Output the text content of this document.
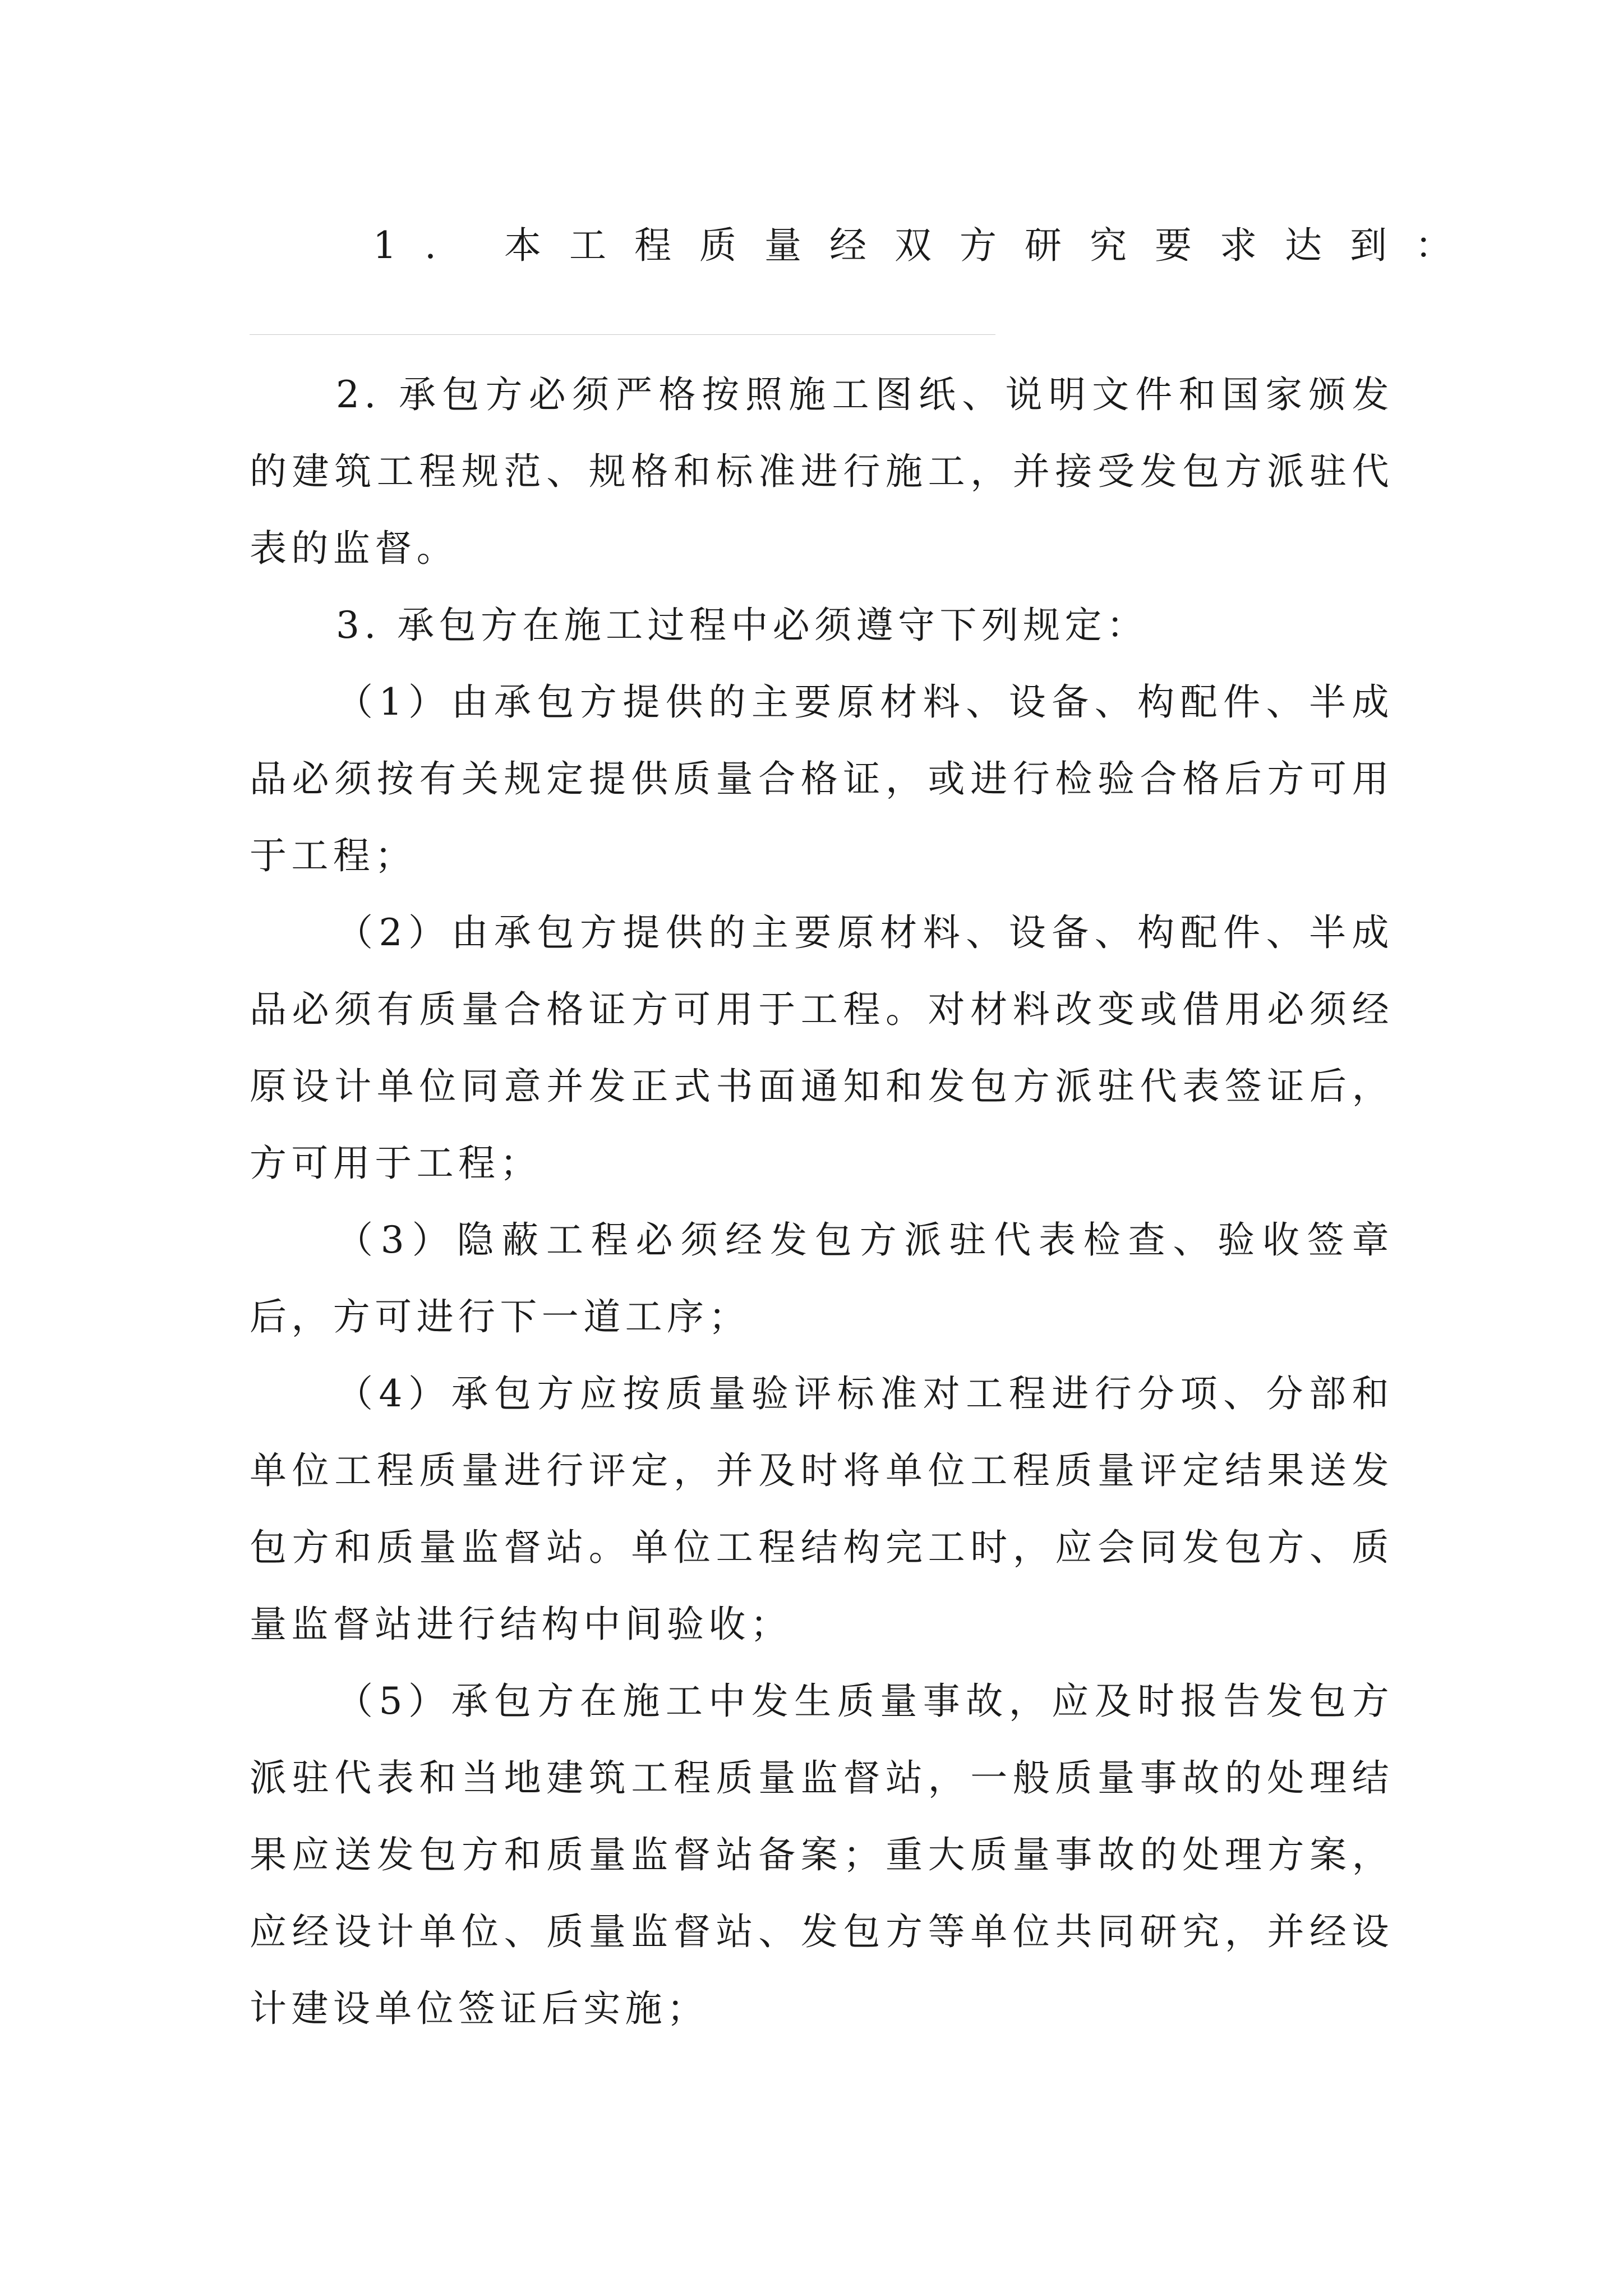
1. 本工程质量经双方研究要求达到：

2. 承包方必须严格按照施工图纸、说明文件和国家颁发的建筑工程规范、规格和标准进行施工，并接受发包方派驻代表的监督。

3. 承包方在施工过程中必须遵守下列规定：

（1）由承包方提供的主要原材料、设备、构配件、半成品必须按有关规定提供质量合格证，或进行检验合格后方可用于工程；

（2）由承包方提供的主要原材料、设备、构配件、半成品必须有质量合格证方可用于工程。对材料改变或借用必须经原设计单位同意并发正式书面通知和发包方派驻代表签证后，方可用于工程；

（3）隐蔽工程必须经发包方派驻代表检查、验收签章后，方可进行下一道工序；

（4）承包方应按质量验评标准对工程进行分项、分部和单位工程质量进行评定，并及时将单位工程质量评定结果送发包方和质量监督站。单位工程结构完工时，应会同发包方、质量监督站进行结构中间验收；

（5）承包方在施工中发生质量事故，应及时报告发包方派驻代表和当地建筑工程质量监督站，一般质量事故的处理结果应送发包方和质量监督站备案；重大质量事故的处理方案，应经设计单位、质量监督站、发包方等单位共同研究，并经设计建设单位签证后实施；
